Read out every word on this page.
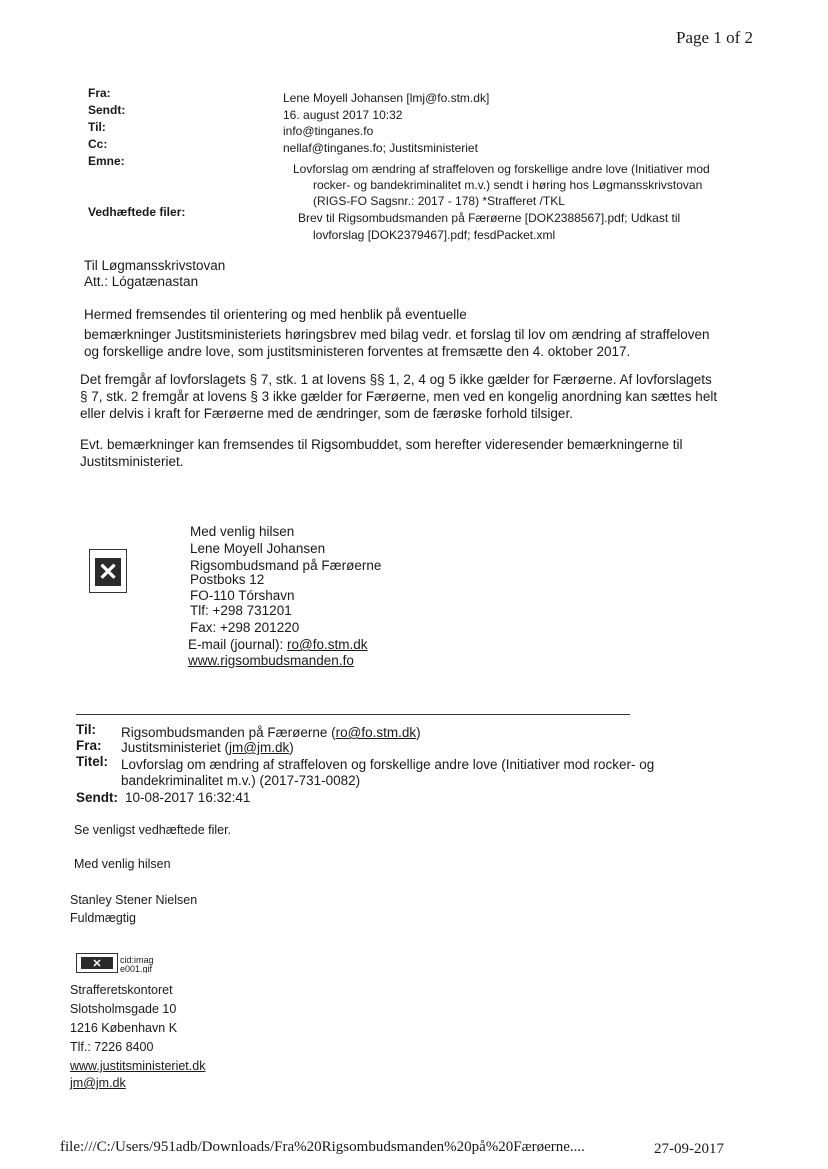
Page 1 of 2
Fra:
Sendt:
Til:
Cc:
Emne:
Vedhæftede filer:
Lene Moyell Johansen [lmj@fo.stm.dk]
16. august 2017 10:32
info@tinganes.fo
nellaf@tinganes.fo; Justitsministeriet
Lovforslag om ændring af straffeloven og forskellige andre love (Initiativer mod
rocker- og bandekriminalitet m.v.) sendt i høring hos Løgmansskrivstovan
(RIGS-FO Sagsnr.: 2017 - 178) *Strafferet /TKL
Brev til Rigsombudsmanden på Færøerne [DOK2388567].pdf; Udkast til
lovforslag [DOK2379467].pdf; fesdPacket.xml
Til Løgmansskrivstovan
Att.: Lógatænastan
Hermed fremsendes til orientering og med henblik på eventuelle
bemærkninger Justitsministeriets høringsbrev med bilag vedr. et forslag til lov om ændring af straffeloven
og forskellige andre love, som justitsministeren forventes at fremsætte den 4. oktober 2017.
Det fremgår af lovforslagets § 7, stk. 1 at lovens §§ 1, 2, 4 og 5 ikke gælder for Færøerne. Af lovforslagets
§ 7, stk. 2 fremgår at lovens § 3 ikke gælder for Færøerne, men ved en kongelig anordning kan sættes helt
eller delvis i kraft for Færøerne med de ændringer, som de færøske forhold tilsiger.
Evt. bemærkninger kan fremsendes til Rigsombuddet, som herefter videresender bemærkningerne til
Justitsministeriet.
✕
Med venlig hilsen
Lene Moyell Johansen
Rigsombudsmand på Færøerne
Postboks 12
FO-110 Tórshavn
Tlf: +298 731201
Fax: +298 201220
E-mail (journal): ro@fo.stm.dk
www.rigsombudsmanden.fo
Til: Rigsombudsmanden på Færøerne (ro@fo.stm.dk)
Fra: Justitsministeriet (jm@jm.dk)
Titel: Lovforslag om ændring af straffeloven og forskellige andre love (Initiativer mod rocker- og
bandekriminalitet m.v.) (2017-731-0082)
Sendt: 10-08-2017 16:32:41
Se venligst vedhæftede filer.
Med venlig hilsen
Stanley Stener Nielsen
Fuldmægtig
✕	cid:imag
e001.gif
Strafferetskontoret
Slotsholmsgade 10
1216 København K
Tlf.: 7226 8400
www.justitsministeriet.dk
jm@jm.dk
file:///C:/Users/951adb/Downloads/Fra%20Rigsombudsmanden%20på%20Færøerne....	27-09-2017
